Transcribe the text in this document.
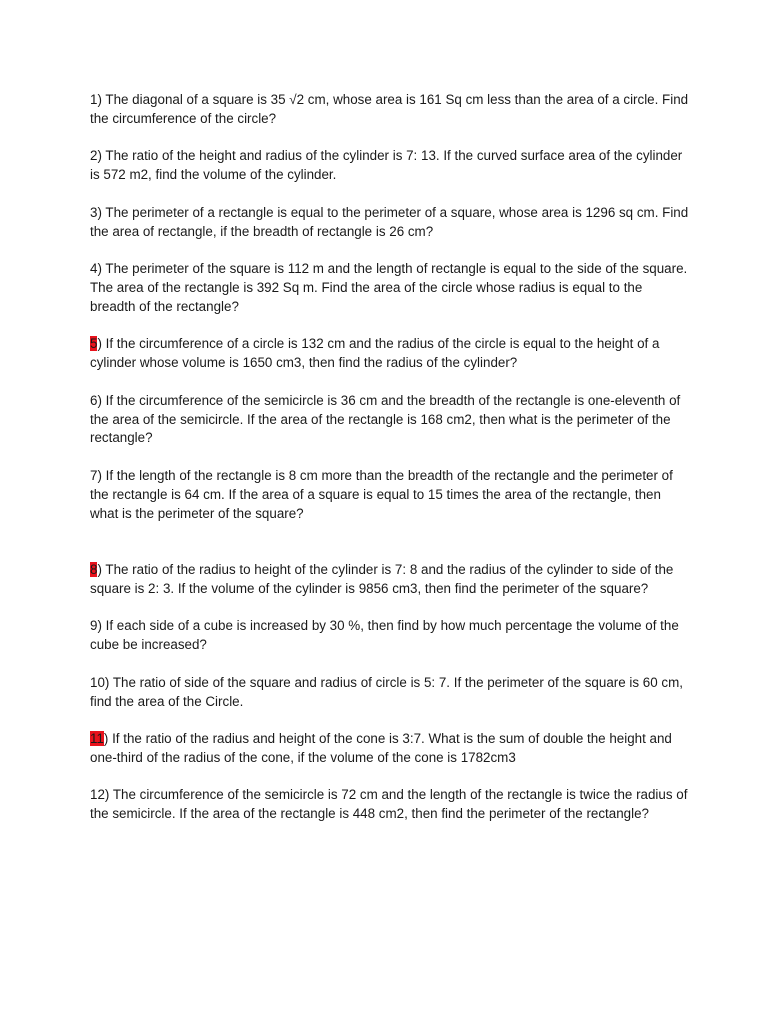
1) The diagonal of a square is 35 √2 cm, whose area is 161 Sq cm less than the area of a circle. Find the circumference of the circle?

2) The ratio of the height and radius of the cylinder is 7: 13. If the curved surface area of the cylinder is 572 m2, find the volume of the cylinder.

3) The perimeter of a rectangle is equal to the perimeter of a square, whose area is 1296 sq cm. Find the area of rectangle, if the breadth of rectangle is 26 cm?

4) The perimeter of the square is 112 m and the length of rectangle is equal to the side of the square. The area of the rectangle is 392 Sq m. Find the area of the circle whose radius is equal to the breadth of the rectangle?

5) If the circumference of a circle is 132 cm and the radius of the circle is equal to the height of a cylinder whose volume is 1650 cm3, then find the radius of the cylinder?

6) If the circumference of the semicircle is 36 cm and the breadth of the rectangle is one-eleventh of the area of the semicircle. If the area of the rectangle is 168 cm2, then what is the perimeter of the rectangle?

7) If the length of the rectangle is 8 cm more than the breadth of the rectangle and the perimeter of the rectangle is 64 cm. If the area of a square is equal to 15 times the area of the rectangle, then what is the perimeter of the square?

8) The ratio of the radius to height of the cylinder is 7: 8 and the radius of the cylinder to side of the square is 2: 3. If the volume of the cylinder is 9856 cm3, then find the perimeter of the square?

9) If each side of a cube is increased by 30 %, then find by how much percentage the volume of the cube be increased?

10) The ratio of side of the square and radius of circle is 5: 7. If the perimeter of the square is 60 cm, find the area of the Circle.

11) If the ratio of the radius and height of the cone is 3:7. What is the sum of double the height and one-third of the radius of the cone, if the volume of the cone is 1782cm3

12) The circumference of the semicircle is 72 cm and the length of the rectangle is twice the radius of the semicircle. If the area of the rectangle is 448 cm2, then find the perimeter of the rectangle?
